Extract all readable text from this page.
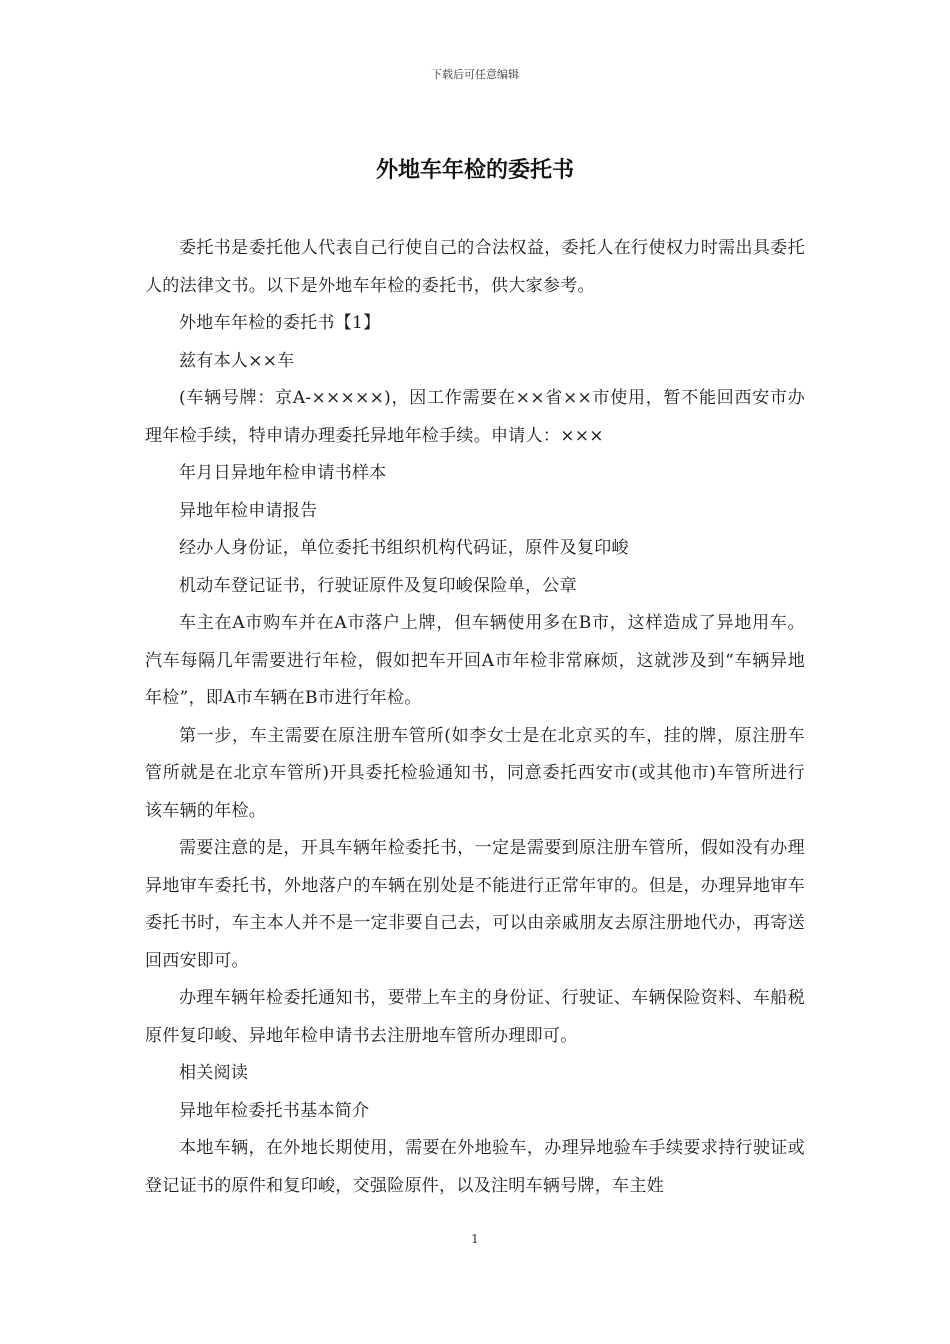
下载后可任意编辑
外地车年检的委托书

委托书是委托他人代表自己行使自己的合法权益，委托人在行使权力时需出具委托人的法律文书。以下是外地车年检的委托书，供大家参考。

外地车年检的委托书【1】

兹有本人××车

(车辆号牌：京A-×××××)，因工作需要在××省××市使用，暂不能回西安市办理年检手续，特申请办理委托异地年检手续。申请人：×××

年月日异地年检申请书样本

异地年检申请报告

经办人身份证，单位委托书组织机构代码证，原件及复印峻

机动车登记证书，行驶证原件及复印峻保险单，公章

车主在A市购车并在A市落户上牌，但车辆使用多在B市，这样造成了异地用车。汽车每隔几年需要进行年检，假如把车开回A市年检非常麻烦，这就涉及到“车辆异地年检”，即A市车辆在B市进行年检。

第一步，车主需要在原注册车管所(如李女士是在北京买的车，挂的牌，原注册车管所就是在北京车管所)开具委托检验通知书，同意委托西安市(或其他市)车管所进行该车辆的年检。

需要注意的是，开具车辆年检委托书，一定是需要到原注册车管所，假如没有办理异地审车委托书，外地落户的车辆在别处是不能进行正常年审的。但是，办理异地审车委托书时，车主本人并不是一定非要自己去，可以由亲戚朋友去原注册地代办，再寄送回西安即可。

办理车辆年检委托通知书，要带上车主的身份证、行驶证、车辆保险资料、车船税原件复印峻、异地年检申请书去注册地车管所办理即可。

相关阅读

异地年检委托书基本简介

本地车辆，在外地长期使用，需要在外地验车，办理异地验车手续要求持行驶证或登记证书的原件和复印峻，交强险原件，以及注明车辆号牌，车主姓

1
